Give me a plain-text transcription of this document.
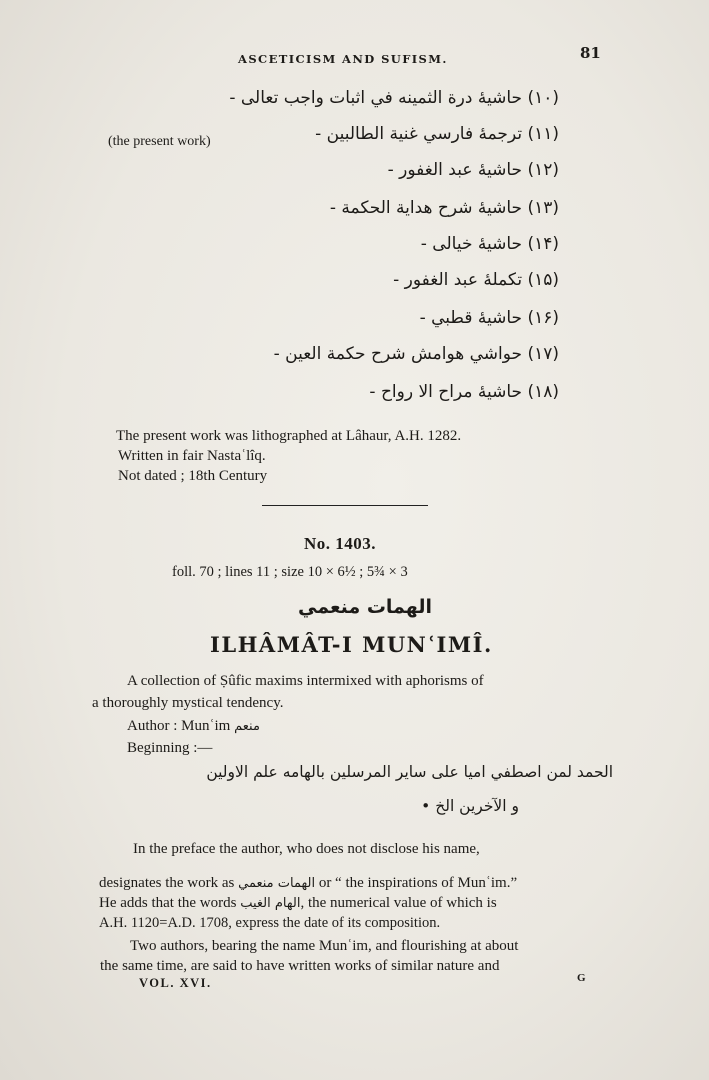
ASCETICISM AND SUFISM.	81
(۱۰) حاشيهٔ درة الثمينه في اثبات واجب تعالی -
(the present work)	(۱۱) ترجمهٔ فارسي غنية الطالبين -
(۱۲) حاشيهٔ عبد الغفور -
(۱۳) حاشيهٔ شرح هداية الحكمة -
(۱۴) حاشيهٔ خيالی -
(۱۵) تكملهٔ عبد الغفور -
(۱۶) حاشيهٔ قطبي -
(۱۷) حواشي هوامش شرح حكمة العين -
(۱۸) حاشيهٔ مراح الا رواح -
The present work was lithographed at Lâhaur, A.H. 1282.
Written in fair Nastaʿlîq.
Not dated ; 18th Century
No. 1403.
foll. 70 ; lines 11 ; size 10 × 6½ ; 5¾ × 3
الهمات منعمي
ILHÂMÂT-I MUNʿIMÎ.
A collection of Ṣûfic maxims intermixed with aphorisms of
a thoroughly mystical tendency.
Author : Munʿim منعم
Beginning :—
الحمد لمن اصطفي اميا على ساير المرسلين بالهامه علم الاولين
و الآخرين الخ •
In the preface the author, who does not disclose his name,
designates the work as الهمات منعمي or “ the inspirations of Munʿim.”
He adds that the words الهام الغيب, the numerical value of which is
A.H. 1120=A.D. 1708, express the date of its composition.
Two authors, bearing the name Munʿim, and flourishing at about
the same time, are said to have written works of similar nature and
VOL. XVI.	G
